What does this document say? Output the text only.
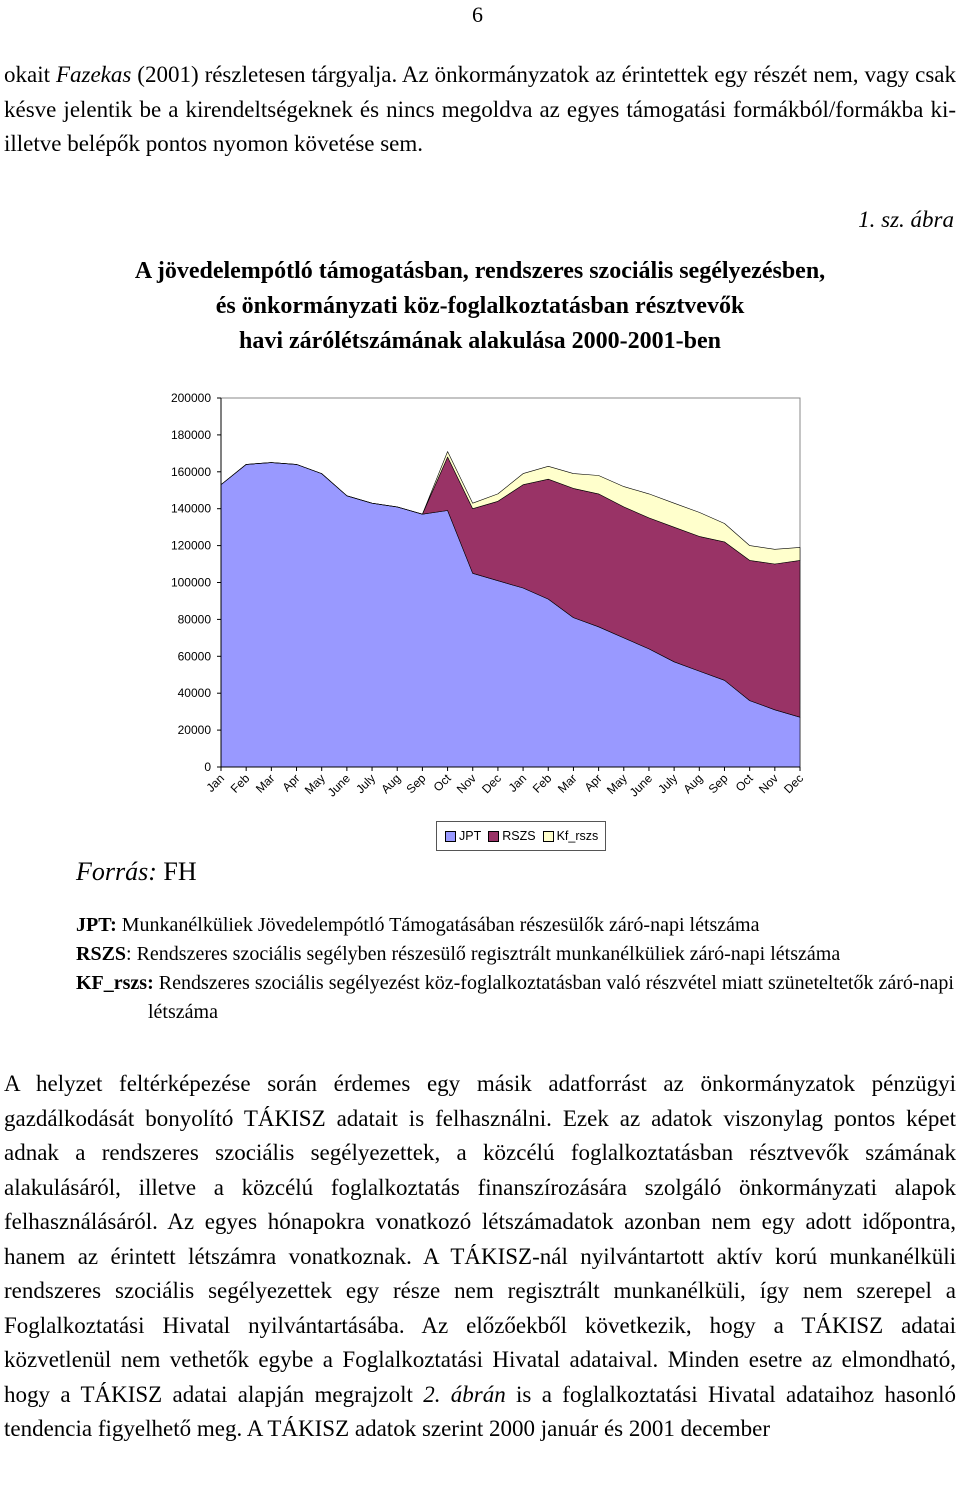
6

okait Fazekas (2001) részletesen tárgyalja. Az önkormányzatok az érintettek egy részét nem, vagy csak késve jelentik be a kirendeltségeknek és nincs megoldva az egyes támogatási formákból/formákba ki- illetve belépők pontos nyomon követése sem.

1. sz. ábra
A jövedelempótló támogatásban, rendszeres szociális segélyezésben,
és önkormányzati köz-foglalkoztatásban résztvevők
havi zárólétszámának alakulása 2000-2001-ben
0
20000
40000
60000
80000
100000
120000
140000
160000
180000
200000
Jan Feb Mar Apr May
June July Aug Sep Oct Nov Dec Jan Feb Mar Apr May
June July Aug Sep Oct Nov Dec
JPT RSZS Kf_rszs
Forrás: FH

JPT: Munkanélküliek Jövedelempótló Támogatásában részesülők záró-napi létszáma

RSZS: Rendszeres szociális segélyben részesülő regisztrált munkanélküliek záró-napi létszáma

KF_rszs: Rendszeres szociális segélyezést köz-foglalkoztatásban való részvétel miatt szüneteltetők záró-napi létszáma

A helyzet feltérképezése során érdemes egy másik adatforrást az önkormányzatok pénzügyi gazdálkodását bonyolító TÁKISZ adatait is felhasználni. Ezek az adatok viszonylag pontos képet adnak a rendszeres szociális segélyezettek, a közcélú foglalkoztatásban résztvevők számának alakulásáról, illetve a közcélú foglalkoztatás finanszírozására szolgáló önkormányzati alapok felhasználásáról. Az egyes hónapokra vonatkozó létszámadatok azonban nem egy adott időpontra, hanem az érintett létszámra vonatkoznak. A TÁKISZ-nál nyilvántartott aktív korú munkanélküli rendszeres szociális segélyezettek egy része nem regisztrált munkanélküli, így nem szerepel a Foglalkoztatási Hivatal nyilvántartásába. Az előzőekből következik, hogy a TÁKISZ adatai közvetlenül nem vethetők egybe a Foglalkoztatási Hivatal adataival. Minden esetre az elmondható, hogy a TÁKISZ adatai alapján megrajzolt 2. ábrán is a foglalkoztatási Hivatal adataihoz hasonló tendencia figyelhető meg. A TÁKISZ adatok szerint 2000 január és 2001 december
